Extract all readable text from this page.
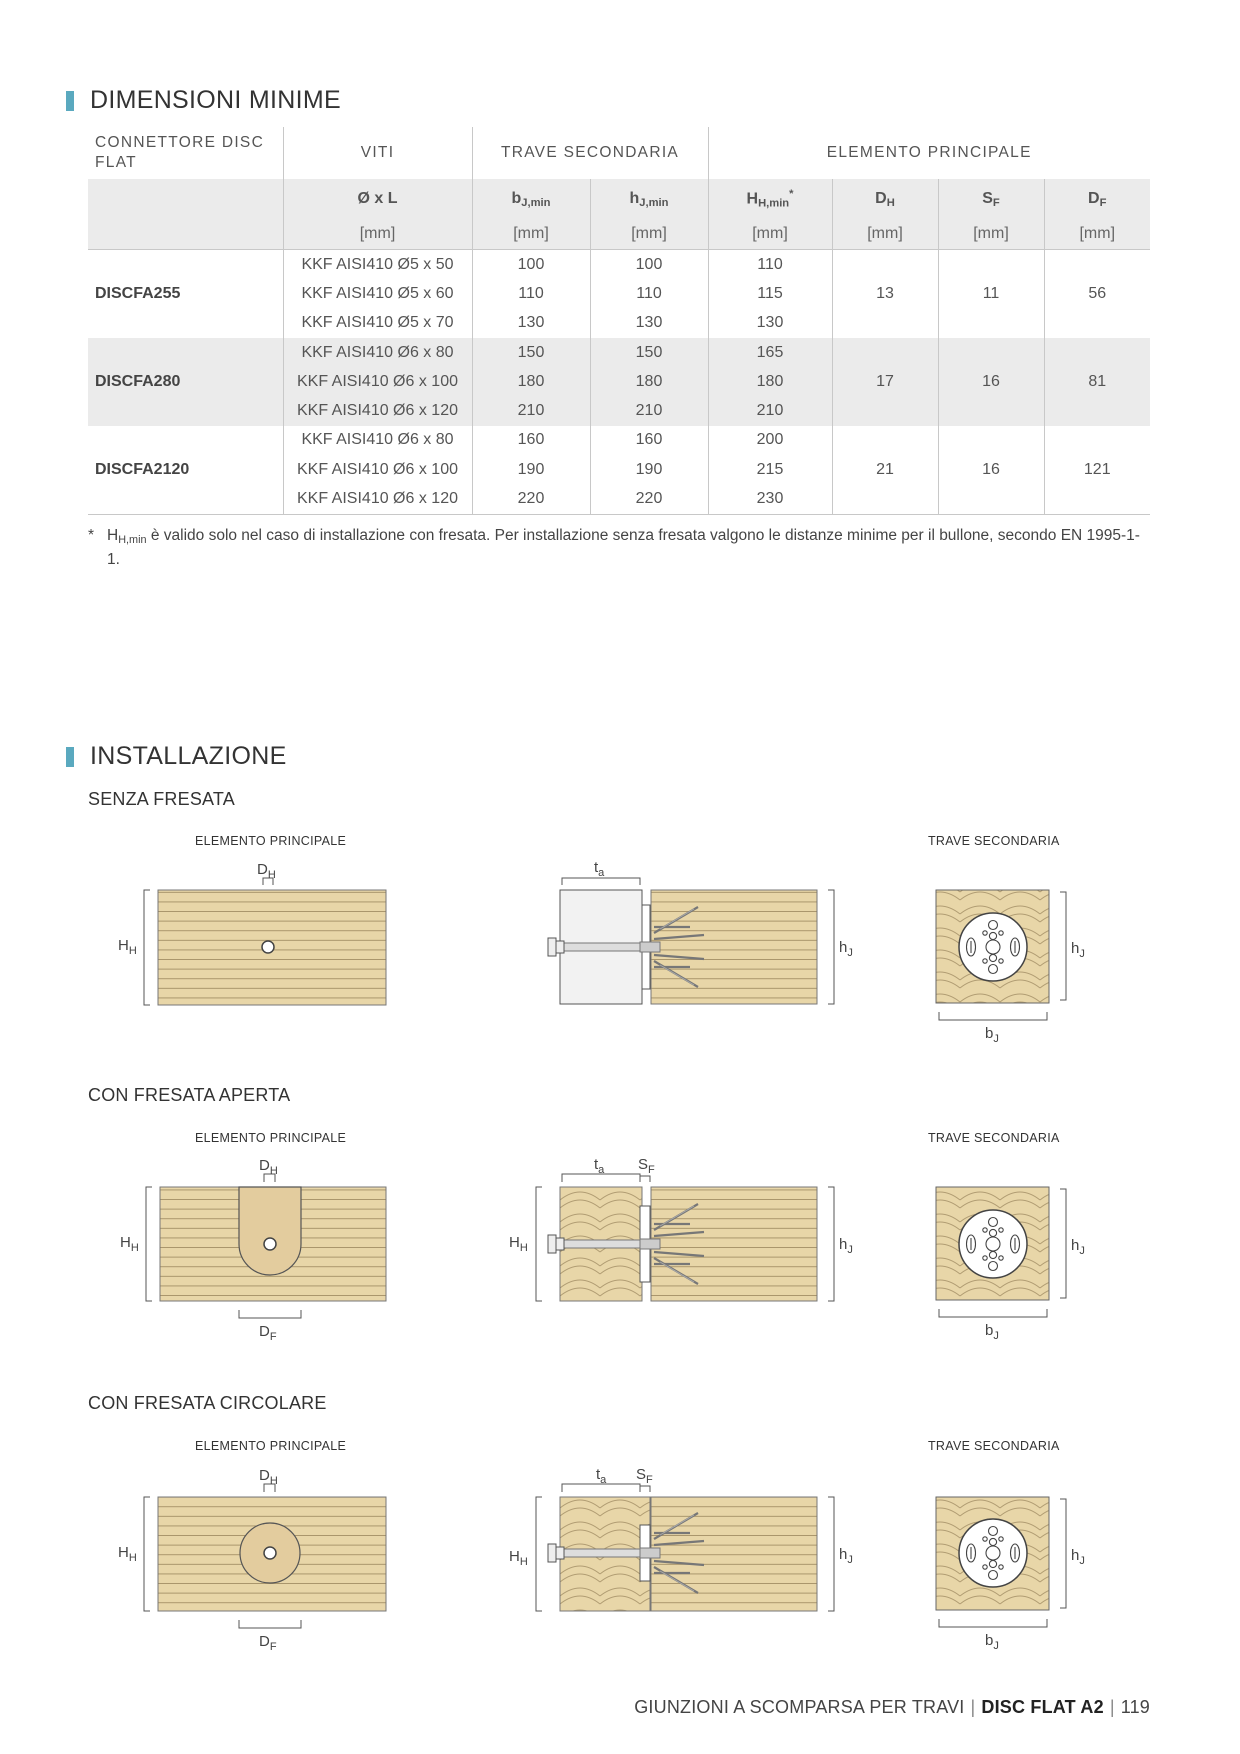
DIMENSIONI MINIME
CONNETTORE DISC FLAT	VITI	TRAVE SECONDARIA		ELEMENTO PRINCIPALE			
	Ø x L	$b_{J,min}$	$h_{J,min}$	$H_{H,min}^*$	$D_H$	$S_F$	$D_F$
	[mm]	[mm]	[mm]	[mm]	[mm]	[mm]	[mm]
DISCFA255	KKF AISI410 Ø5 x 50	100	100	110	13	11	56
	KKF AISI410 Ø5 x 60	110	110	115			
	KKF AISI410 Ø5 x 70	130	130	130			
DISCFA280	KKF AISI410 Ø6 x 80	150	150	165	17	16	81
	KKF AISI410 Ø6 x 100	180	180	180			
	KKF AISI410 Ø6 x 120	210	210	210			
DISCFA2120	KKF AISI410 Ø6 x 80	160	160	200	21	16	121
	KKF AISI410 Ø6 x 100	190	190	215			
	KKF AISI410 Ø6 x 120	220	220	230			
* $H_{H,min}$ è valido solo nel caso di installazione con fresata. Per installazione senza fresata valgono le distanze minime per il bullone, secondo EN 1995-1-1.
INSTALLAZIONE
SENZA FRESATA
CON FRESATA APERTA
CON FRESATA CIRCOLARE
ELEMENTO PRINCIPALE	TRAVE SECONDARIA
ELEMENTO PRINCIPALE	TRAVE SECONDARIA
ELEMENTO PRINCIPALE	TRAVE SECONDARIA
$D_H$
$H_H$
$t_a$
$h_J$	$h_J$
$b_J$
$D_H$
$H_H$
$D_F$
$t_a$ $S_F$
$H_H$	$h_J$	$h_J$
$b_J$
$D_H$
$H_H$
$D_F$
$t_a$ $S_F$
$H_H$	$h_J$	$h_J$
$b_J$
GIUNZIONI A SCOMPARSA PER TRAVI | DISC FLAT A2 | 119
